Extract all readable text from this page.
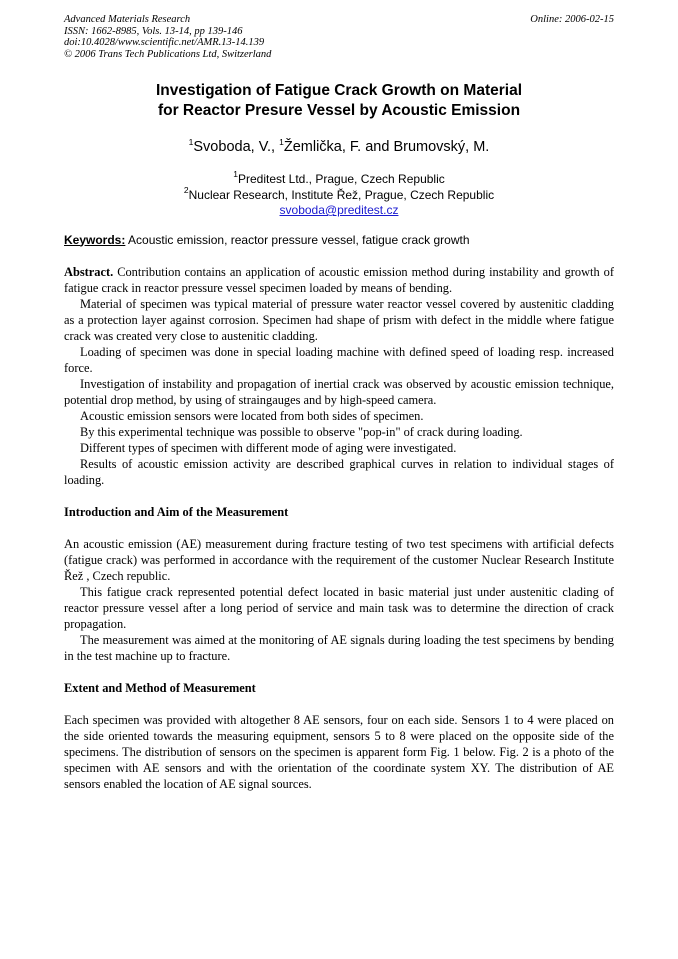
Advanced Materials Research
ISSN: 1662-8985, Vols. 13-14, pp 139-146
doi:10.4028/www.scientific.net/AMR.13-14.139
© 2006 Trans Tech Publications Ltd, Switzerland
Online: 2006-02-15
Investigation of Fatigue Crack Growth on Material
for Reactor Presure Vessel by Acoustic Emission
$^1$Svoboda, V., $^1$Žemlička, F. and Brumovský, M.
$^1$Preditest Ltd., Prague, Czech Republic
$^2$Nuclear Research, Institute Řež, Prague, Czech Republic
svoboda@preditest.cz
Keywords: Acoustic emission, reactor pressure vessel, fatigue crack growth

Abstract. Contribution contains an application of acoustic emission method during instability and growth of fatigue crack in reactor pressure vessel specimen loaded by means of bending.

Material of specimen was typical material of pressure water reactor vessel covered by austenitic cladding as a protection layer against corrosion. Specimen had shape of prism with defect in the middle where fatigue crack was created very close to austenitic cladding.

Loading of specimen was done in special loading machine with defined speed of loading resp. increased force.

Investigation of instability and propagation of inertial crack was observed by acoustic emission technique, potential drop method, by using of straingauges and by high-speed camera.

Acoustic emission sensors were located from both sides of specimen.

By this experimental technique was possible to observe "pop-in" of crack during loading.

Different types of specimen with different mode of aging were investigated.

Results of acoustic emission activity are described graphical curves in relation to individual stages of loading.

Introduction and Aim of the Measurement

An acoustic emission (AE) measurement during fracture testing of two test specimens with artificial defects (fatigue crack) was performed in accordance with the requirement of the customer Nuclear Research Institute Řež , Czech republic.

This fatigue crack represented potential defect located in basic material just under austenitic clading of reactor pressure vessel after a long period of service and main task was to determine the direction of crack propagation.

The measurement was aimed at the monitoring of AE signals during loading the test specimens by bending in the test machine up to fracture.

Extent and Method of Measurement

Each specimen was provided with altogether 8 AE sensors, four on each side. Sensors 1 to 4 were placed on the side oriented towards the measuring equipment, sensors 5 to 8 were placed on the opposite side of the specimens. The distribution of sensors on the specimen is apparent form Fig. 1 below. Fig. 2 is a photo of the specimen with AE sensors and with the orientation of the coordinate system XY. The distribution of AE sensors enabled the location of AE signal sources.
